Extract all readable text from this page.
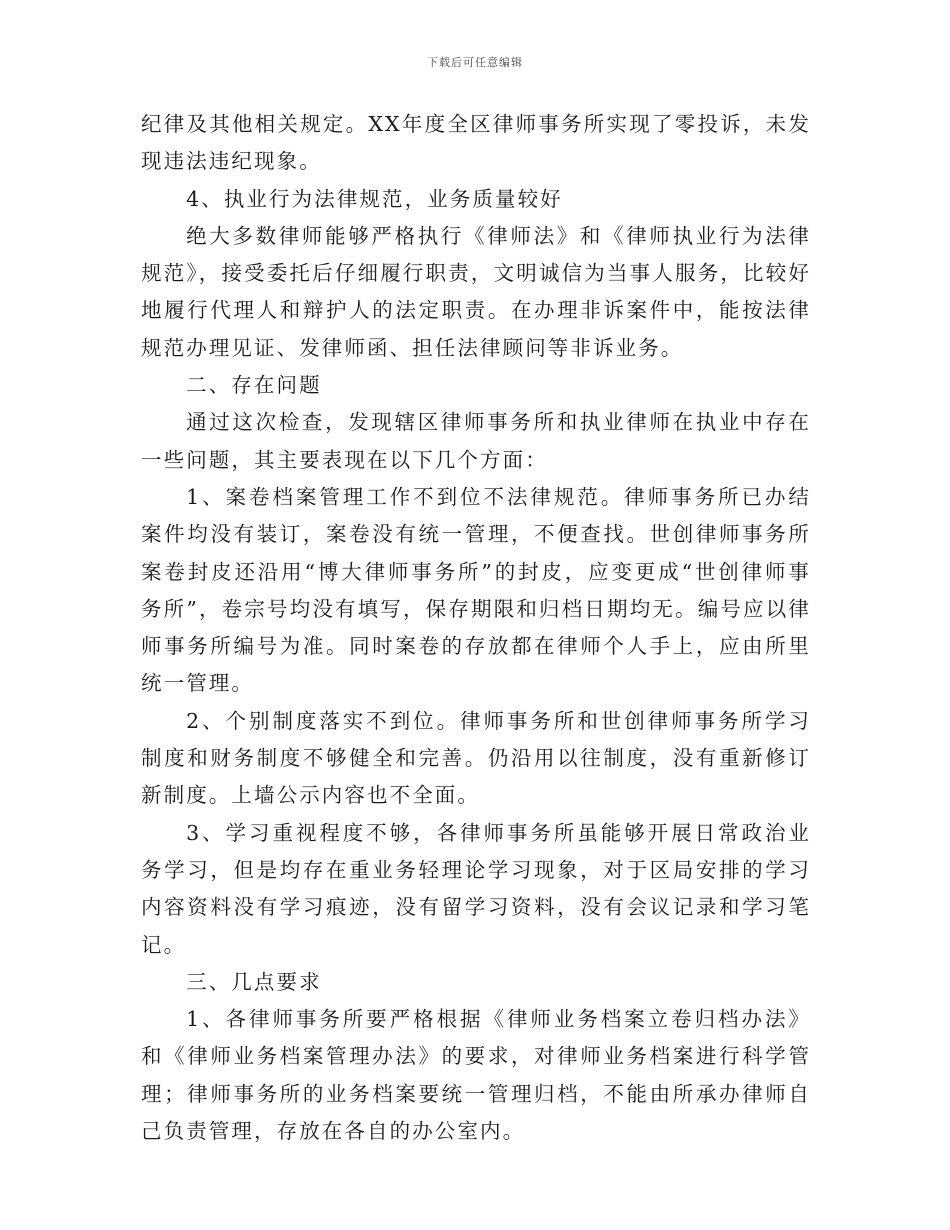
下载后可任意编辑

纪律及其他相关规定。XX年度全区律师事务所实现了零投诉，未发现违法违纪现象。

4、执业行为法律规范，业务质量较好

绝大多数律师能够严格执行《律师法》和《律师执业行为法律规范》，接受委托后仔细履行职责，文明诚信为当事人服务，比较好地履行代理人和辩护人的法定职责。在办理非诉案件中，能按法律规范办理见证、发律师函、担任法律顾问等非诉业务。

二、存在问题

通过这次检查，发现辖区律师事务所和执业律师在执业中存在一些问题，其主要表现在以下几个方面：

1、案卷档案管理工作不到位不法律规范。律师事务所已办结案件均没有装订，案卷没有统一管理，不便查找。世创律师事务所案卷封皮还沿用“博大律师事务所”的封皮，应变更成“世创律师事务所”，卷宗号均没有填写，保存期限和归档日期均无。编号应以律师事务所编号为准。同时案卷的存放都在律师个人手上，应由所里统一管理。

2、个别制度落实不到位。律师事务所和世创律师事务所学习制度和财务制度不够健全和完善。仍沿用以往制度，没有重新修订新制度。上墙公示内容也不全面。

3、学习重视程度不够，各律师事务所虽能够开展日常政治业务学习，但是均存在重业务轻理论学习现象，对于区局安排的学习内容资料没有学习痕迹，没有留学习资料，没有会议记录和学习笔记。

三、几点要求

1、各律师事务所要严格根据《律师业务档案立卷归档办法》和《律师业务档案管理办法》的要求，对律师业务档案进行科学管理；律师事务所的业务档案要统一管理归档，不能由所承办律师自己负责管理，存放在各自的办公室内。
